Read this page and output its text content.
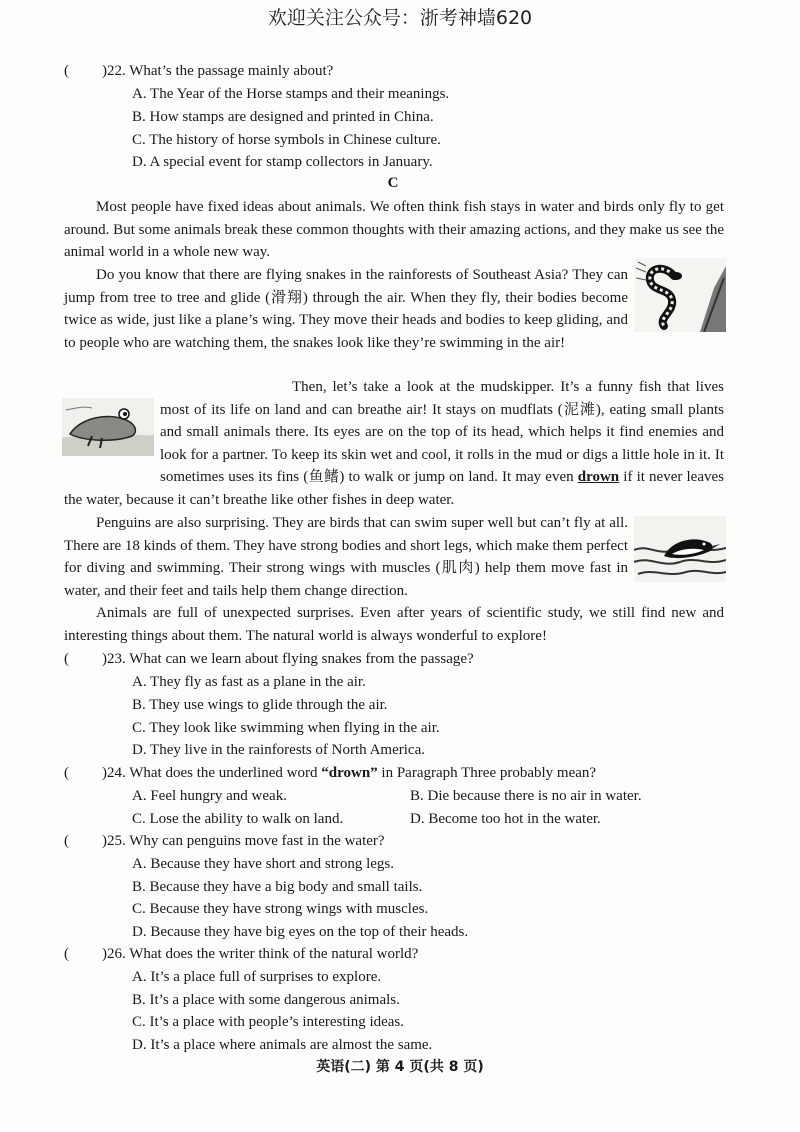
欢迎关注公众号：浙考神墙620
( )22. What’s the passage mainly about?
A. The Year of the Horse stamps and their meanings.
B. How stamps are designed and printed in China.
C. The history of horse symbols in Chinese culture.
D. A special event for stamp collectors in January.
C
Most people have fixed ideas about animals. We often think fish stays in water and birds only fly to get around. But some animals break these common thoughts with their amazing actions, and they make us see the animal world in a whole new way.
Do you know that there are flying snakes in the rainforests of Southeast Asia? They can jump from tree to tree and glide (滑翔) through the air. When they fly, their bodies become twice as wide, just like a plane’s wing. They move their heads and bodies to keep gliding, and to people who are watching them, the snakes look like they’re swimming in the air!
Then, let’s take a look at the mudskipper. It’s a funny fish that lives most of its life on land and can breathe air! It stays on mudflats (泥滩), eating small plants and small animals there. Its eyes are on the top of its head, which helps it find enemies and look for a partner. To keep its skin wet and cool, it rolls in the mud or digs a little hole in it. It sometimes uses its fins (鱼鳍) to walk or jump on land. It may even drown if it never leaves the water, because it can’t breathe like other fishes in deep water.
Penguins are also surprising. They are birds that can swim super well but can’t fly at all. There are 18 kinds of them. They have strong bodies and short legs, which make them perfect for diving and swimming. Their strong wings with muscles (肌肉) help them move fast in water, and their feet and tails help them change direction.
Animals are full of unexpected surprises. Even after years of scientific study, we still find new and interesting things about them. The natural world is always wonderful to explore!
( )23. What can we learn about flying snakes from the passage?
A. They fly as fast as a plane in the air.
B. They use wings to glide through the air.
C. They look like swimming when flying in the air.
D. They live in the rainforests of North America.
( )24. What does the underlined word “drown” in Paragraph Three probably mean?
A. Feel hungry and weak.	B. Die because there is no air in water.
C. Lose the ability to walk on land.	D. Become too hot in the water.
( )25. Why can penguins move fast in the water?
A. Because they have short and strong legs.
B. Because they have a big body and small tails.
C. Because they have strong wings with muscles.
D. Because they have big eyes on the top of their heads.
( )26. What does the writer think of the natural world?
A. It’s a place full of surprises to explore.
B. It’s a place with some dangerous animals.
C. It’s a place with people’s interesting ideas.
D. It’s a place where animals are almost the same.
英语(二) 第 4 页(共 8 页)
